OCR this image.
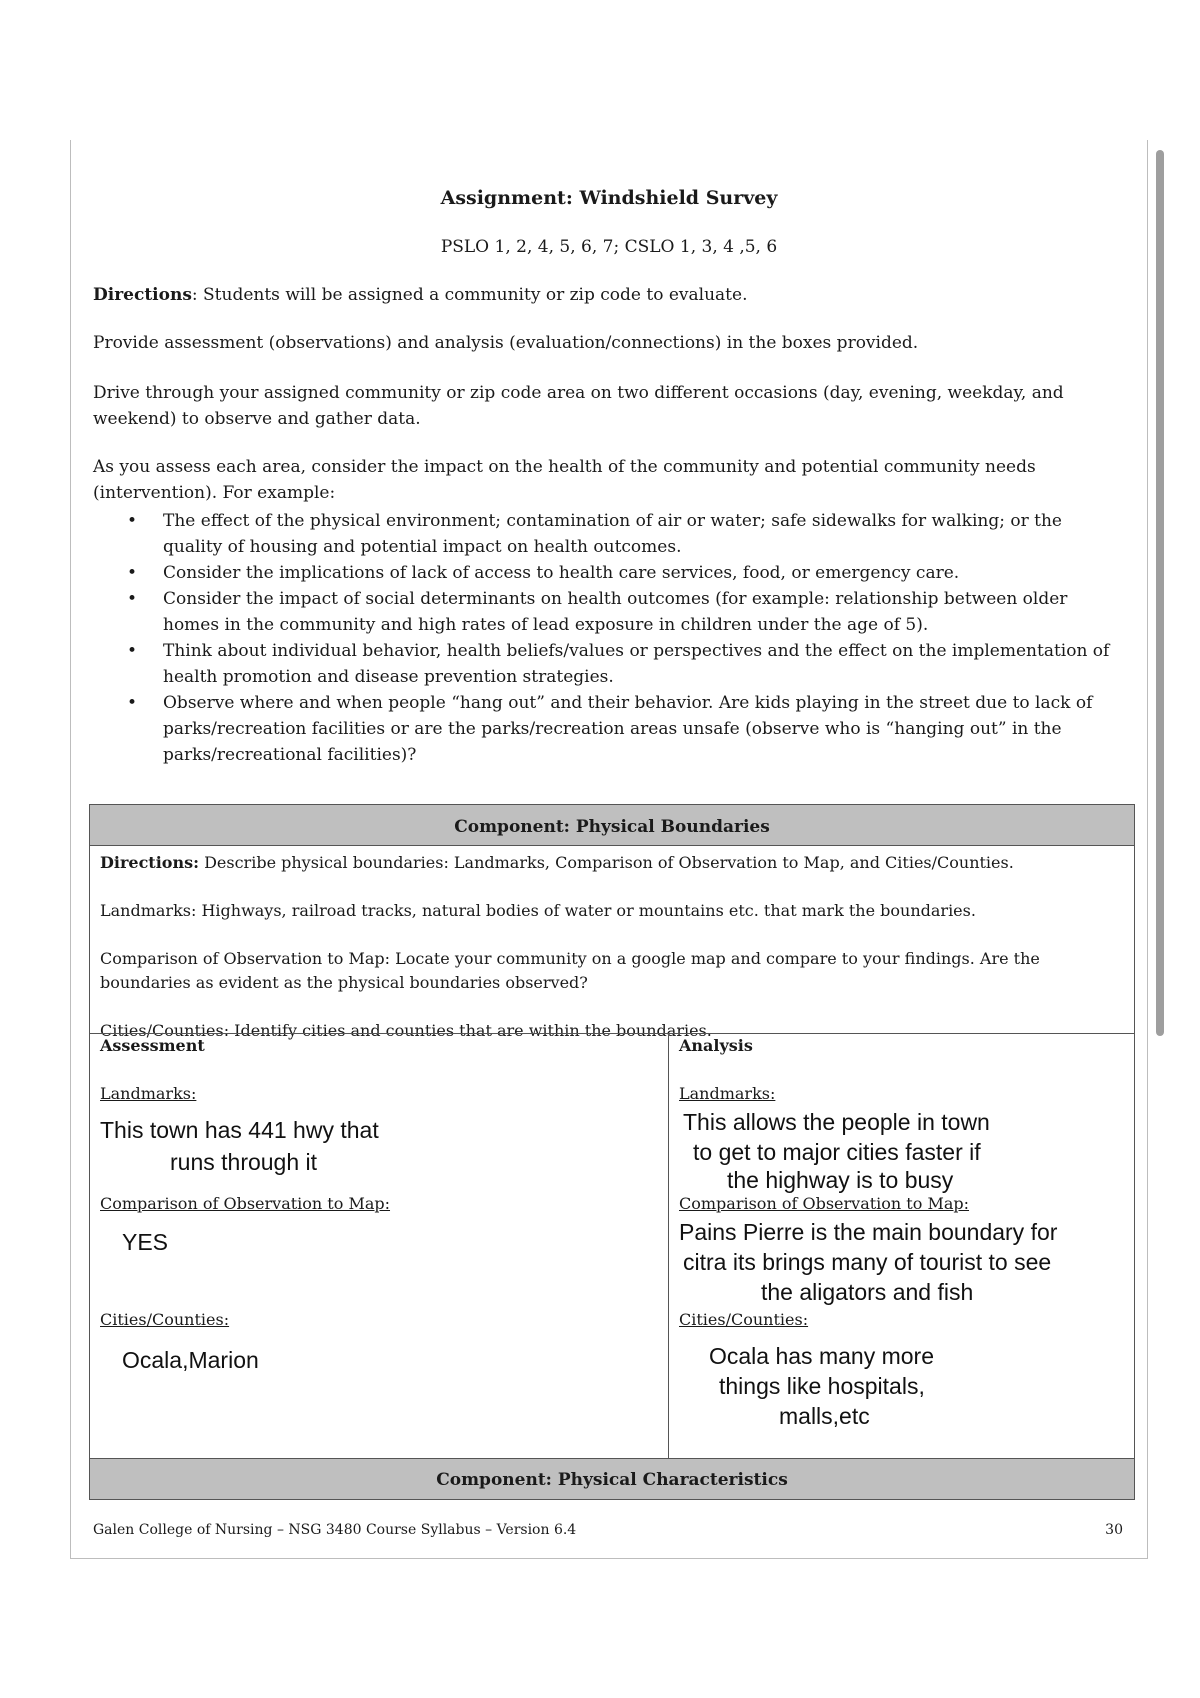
Assignment: Windshield Survey
PSLO 1, 2, 4, 5, 6, 7; CSLO 1, 3, 4 ,5, 6
Directions: Students will be assigned a community or zip code to evaluate.
Provide assessment (observations) and analysis (evaluation/connections) in the boxes provided.
Drive through your assigned community or zip code area on two different occasions (day, evening, weekday, and weekend) to observe and gather data.
As you assess each area, consider the impact on the health of the community and potential community needs (intervention). For example:
• The effect of the physical environment; contamination of air or water; safe sidewalks for walking; or the quality of housing and potential impact on health outcomes.
• Consider the implications of lack of access to health care services, food, or emergency care.
• Consider the impact of social determinants on health outcomes (for example: relationship between older homes in the community and high rates of lead exposure in children under the age of 5).
• Think about individual behavior, health beliefs/values or perspectives and the effect on the implementation of health promotion and disease prevention strategies.
• Observe where and when people “hang out” and their behavior. Are kids playing in the street due to lack of parks/recreation facilities or are the parks/recreation areas unsafe (observe who is “hanging out” in the parks/recreational facilities)?
Component: Physical Boundaries

Directions: Describe physical boundaries: Landmarks, Comparison of Observation to Map, and Cities/Counties.

Landmarks: Highways, railroad tracks, natural bodies of water or mountains etc. that mark the boundaries.

Comparison of Observation to Map: Locate your community on a google map and compare to your findings. Are the boundaries as evident as the physical boundaries observed?

Cities/Counties: Identify cities and counties that are within the boundaries.

Assessment
Landmarks:
This town has 441 hwy that
runs through it
Comparison of Observation to Map:
YES
Cities/Counties:
Ocala,Marion
Analysis
Landmarks:
This allows the people in town
to get to major cities faster if
the highway is to busy
Comparison of Observation to Map:
Pains Pierre is the main boundary for
citra its brings many of tourist to see
the aligators and fish
Cities/Counties:
Ocala has many more
things like hospitals,
malls,etc
Component: Physical Characteristics
Galen College of Nursing – NSG 3480 Course Syllabus – Version 6.4	30
